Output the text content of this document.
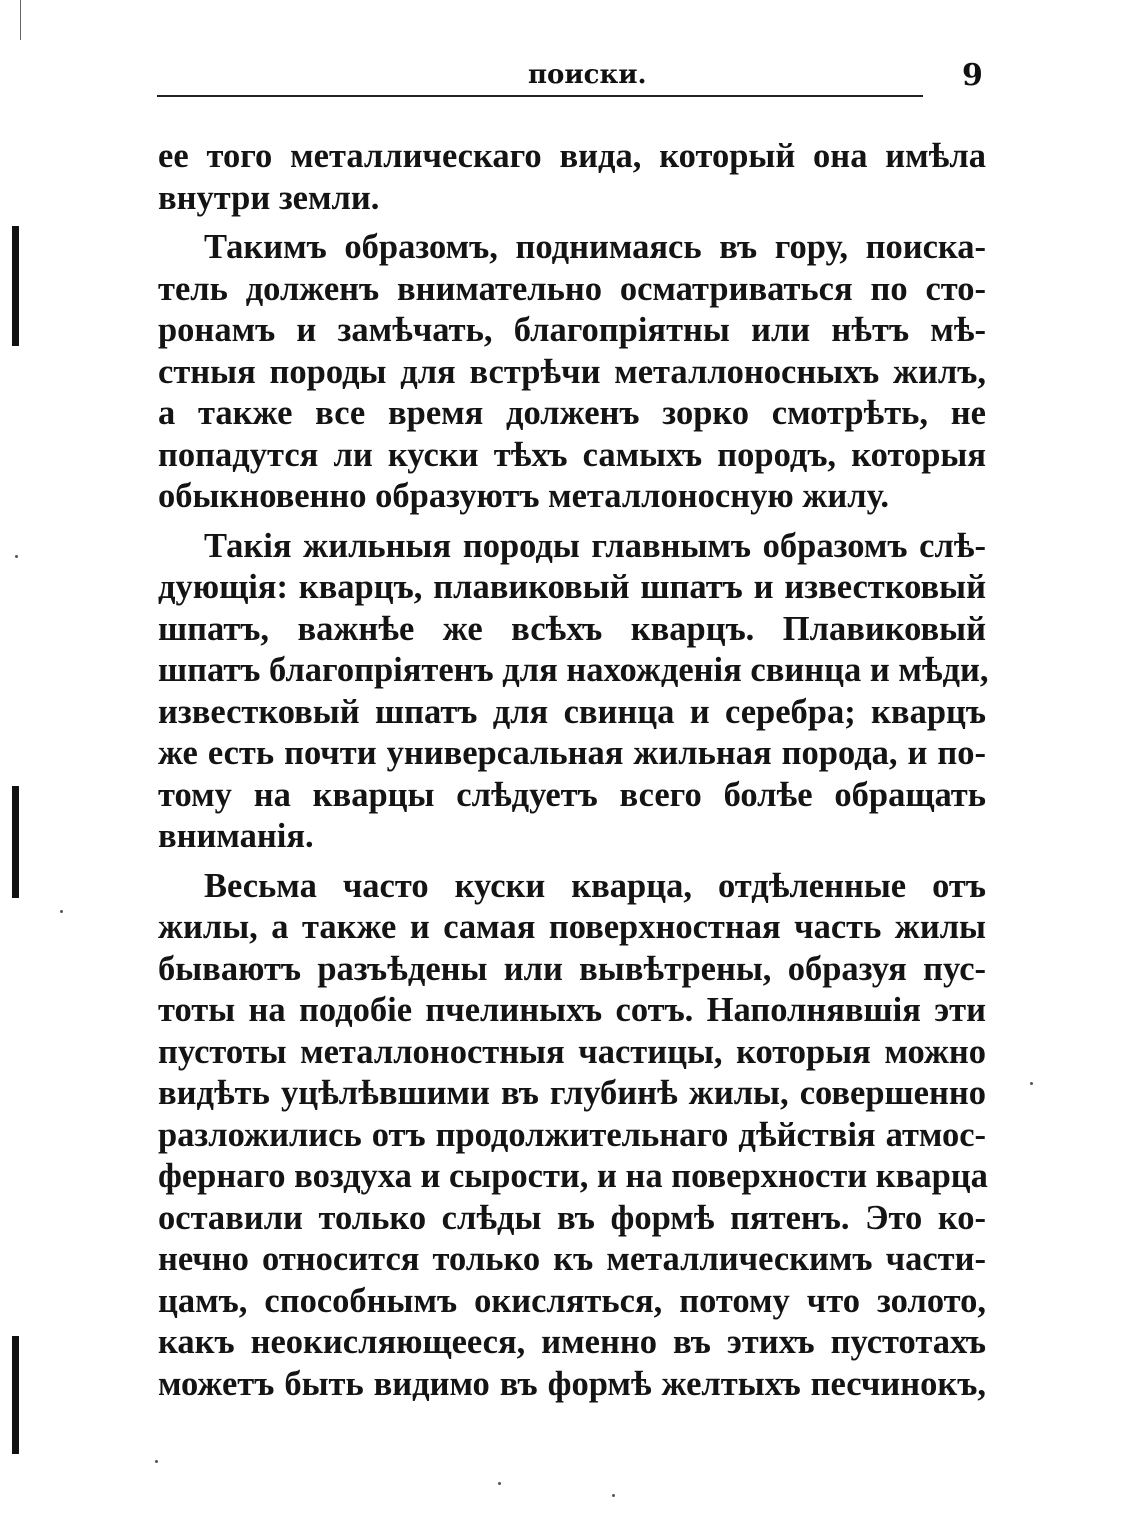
поиски.	9

ее того металлическаго вида, который она имѣла
внутри земли.

Такимъ образомъ, поднимаясь въ гору, поиска-
тель долженъ внимательно осматриваться по сто-
ронамъ и замѣчать, благопріятны или нѣтъ мѣ-
стныя породы для встрѣчи металлоносныхъ жилъ,
а также все время долженъ зорко смотрѣть, не
попадутся ли куски тѣхъ самыхъ породъ, которыя
обыкновенно образуютъ металлоносную жилу.

Такія жильныя породы главнымъ образомъ слѣ-
дующія: кварцъ, плавиковый шпатъ и известковый
шпатъ, важнѣе же всѣхъ кварцъ. Плавиковый
шпатъ благопріятенъ для нахожденія свинца и мѣди,
известковый шпатъ для свинца и серебра; кварцъ
же есть почти универсальная жильная порода, и по-
тому на кварцы слѣдуетъ всего болѣе обращать
вниманія.

Весьма часто куски кварца, отдѣленные отъ
жилы, а также и самая поверхностная часть жилы
бываютъ разъѣдены или вывѣтрены, образуя пус-
тоты на подобіе пчелиныхъ сотъ. Наполнявшія эти
пустоты металлоностныя частицы, которыя можно
видѣть уцѣлѣвшими въ глубинѣ жилы, совершенно
разложились отъ продолжительнаго дѣйствія атмос-
фернаго воздуха и сырости, и на поверхности кварца
оставили только слѣды въ формѣ пятенъ. Это ко-
нечно относится только къ металлическимъ части-
цамъ, способнымъ окисляться, потому что золото,
какъ неокисляющееся, именно въ этихъ пустотахъ
можетъ быть видимо въ формѣ желтыхъ песчинокъ,
